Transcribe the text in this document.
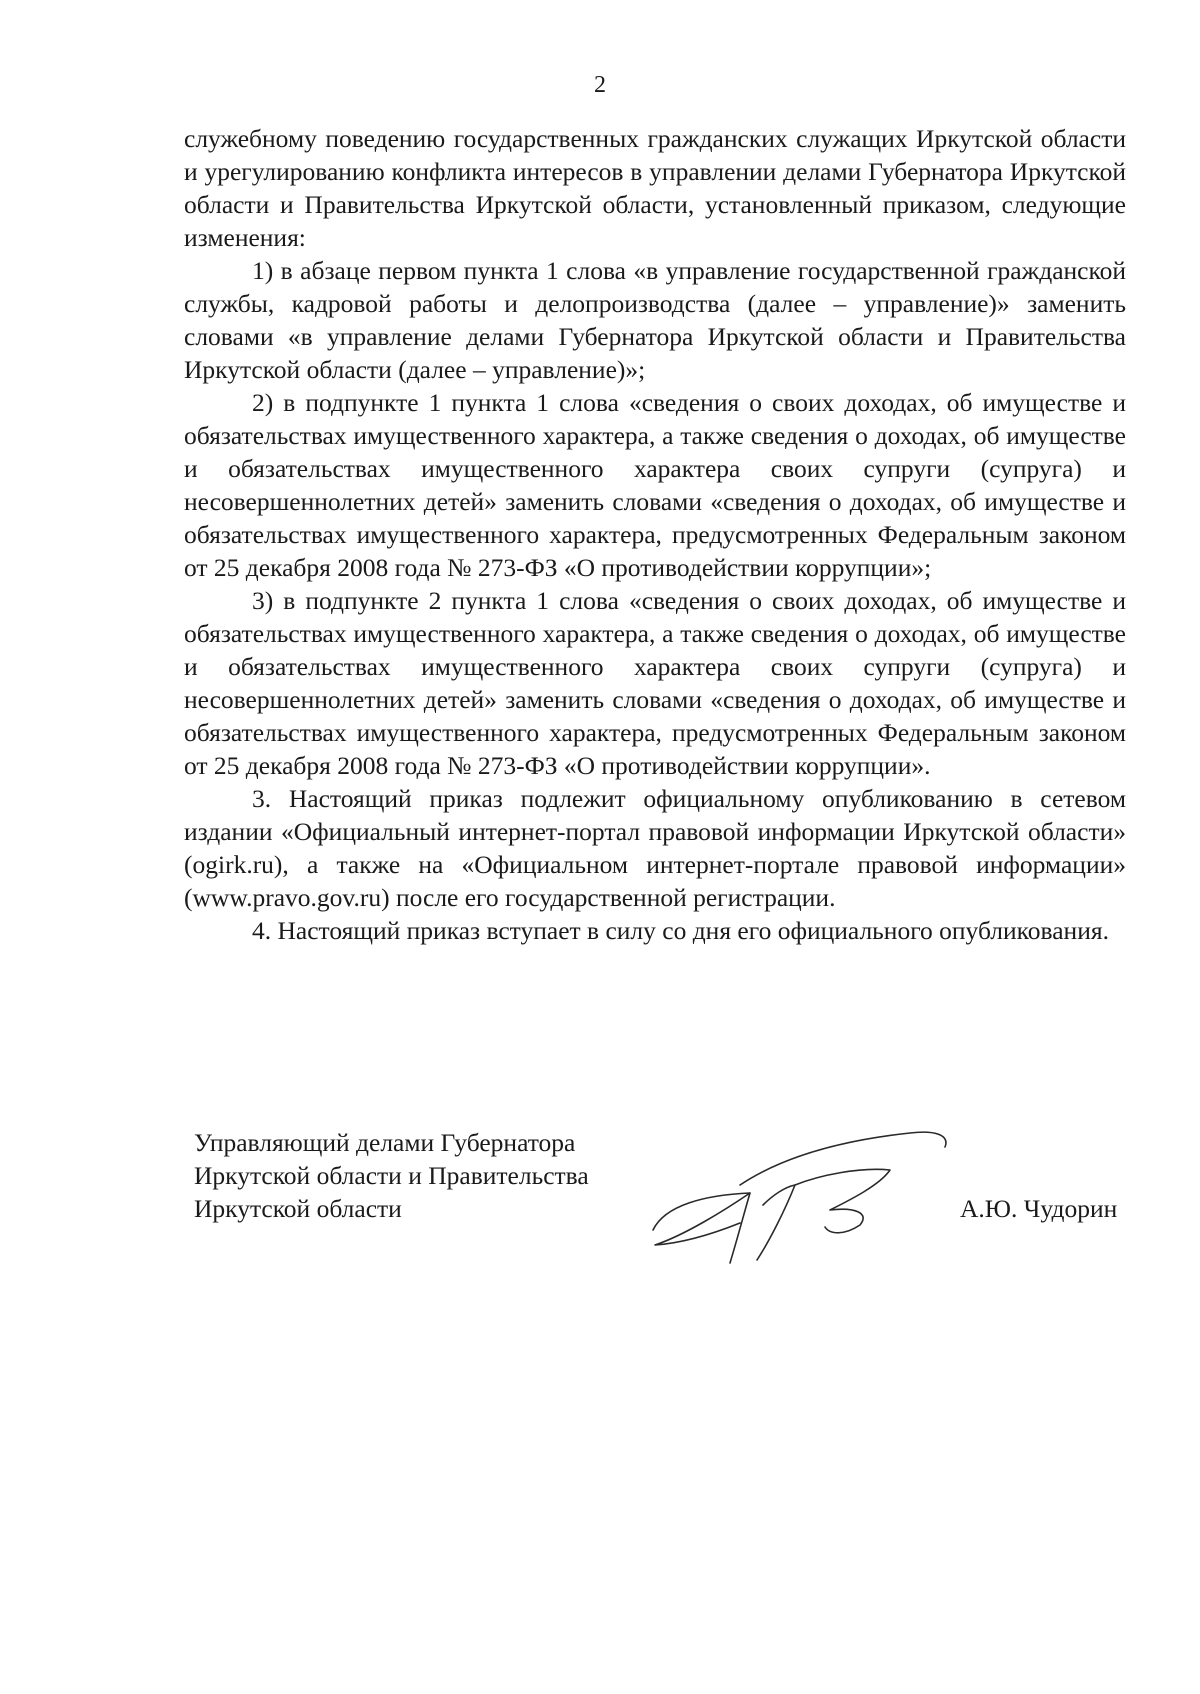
2

служебному поведению государственных гражданских служащих Иркутской области и урегулированию конфликта интересов в управлении делами Губернатора Иркутской области и Правительства Иркутской области, установленный приказом, следующие изменения:

1) в абзаце первом пункта 1 слова «в управление государственной гражданской службы, кадровой работы и делопроизводства (далее – управление)» заменить словами «в управление делами Губернатора Иркутской области и Правительства Иркутской области (далее – управление)»;

2) в подпункте 1 пункта 1 слова «сведения о своих доходах, об имуществе и обязательствах имущественного характера, а также сведения о доходах, об имуществе и обязательствах имущественного характера своих супруги (супруга) и несовершеннолетних детей» заменить словами «сведения о доходах, об имуществе и обязательствах имущественного характера, предусмотренных Федеральным законом от 25 декабря 2008 года № 273-ФЗ «О противодействии коррупции»;

3) в подпункте 2 пункта 1 слова «сведения о своих доходах, об имуществе и обязательствах имущественного характера, а также сведения о доходах, об имуществе и обязательствах имущественного характера своих супруги (супруга) и несовершеннолетних детей» заменить словами «сведения о доходах, об имуществе и обязательствах имущественного характера, предусмотренных Федеральным законом от 25 декабря 2008 года № 273-ФЗ «О противодействии коррупции».

3. Настоящий приказ подлежит официальному опубликованию в сетевом издании «Официальный интернет-портал правовой информации Иркутской области» (ogirk.ru), а также на «Официальном интернет-портале правовой информации» (www.pravo.gov.ru) после его государственной регистрации.

4. Настоящий приказ вступает в силу со дня его официального опубликования.

Управляющий делами Губернатора
Иркутской области и Правительства
Иркутской области	А.Ю. Чудорин
